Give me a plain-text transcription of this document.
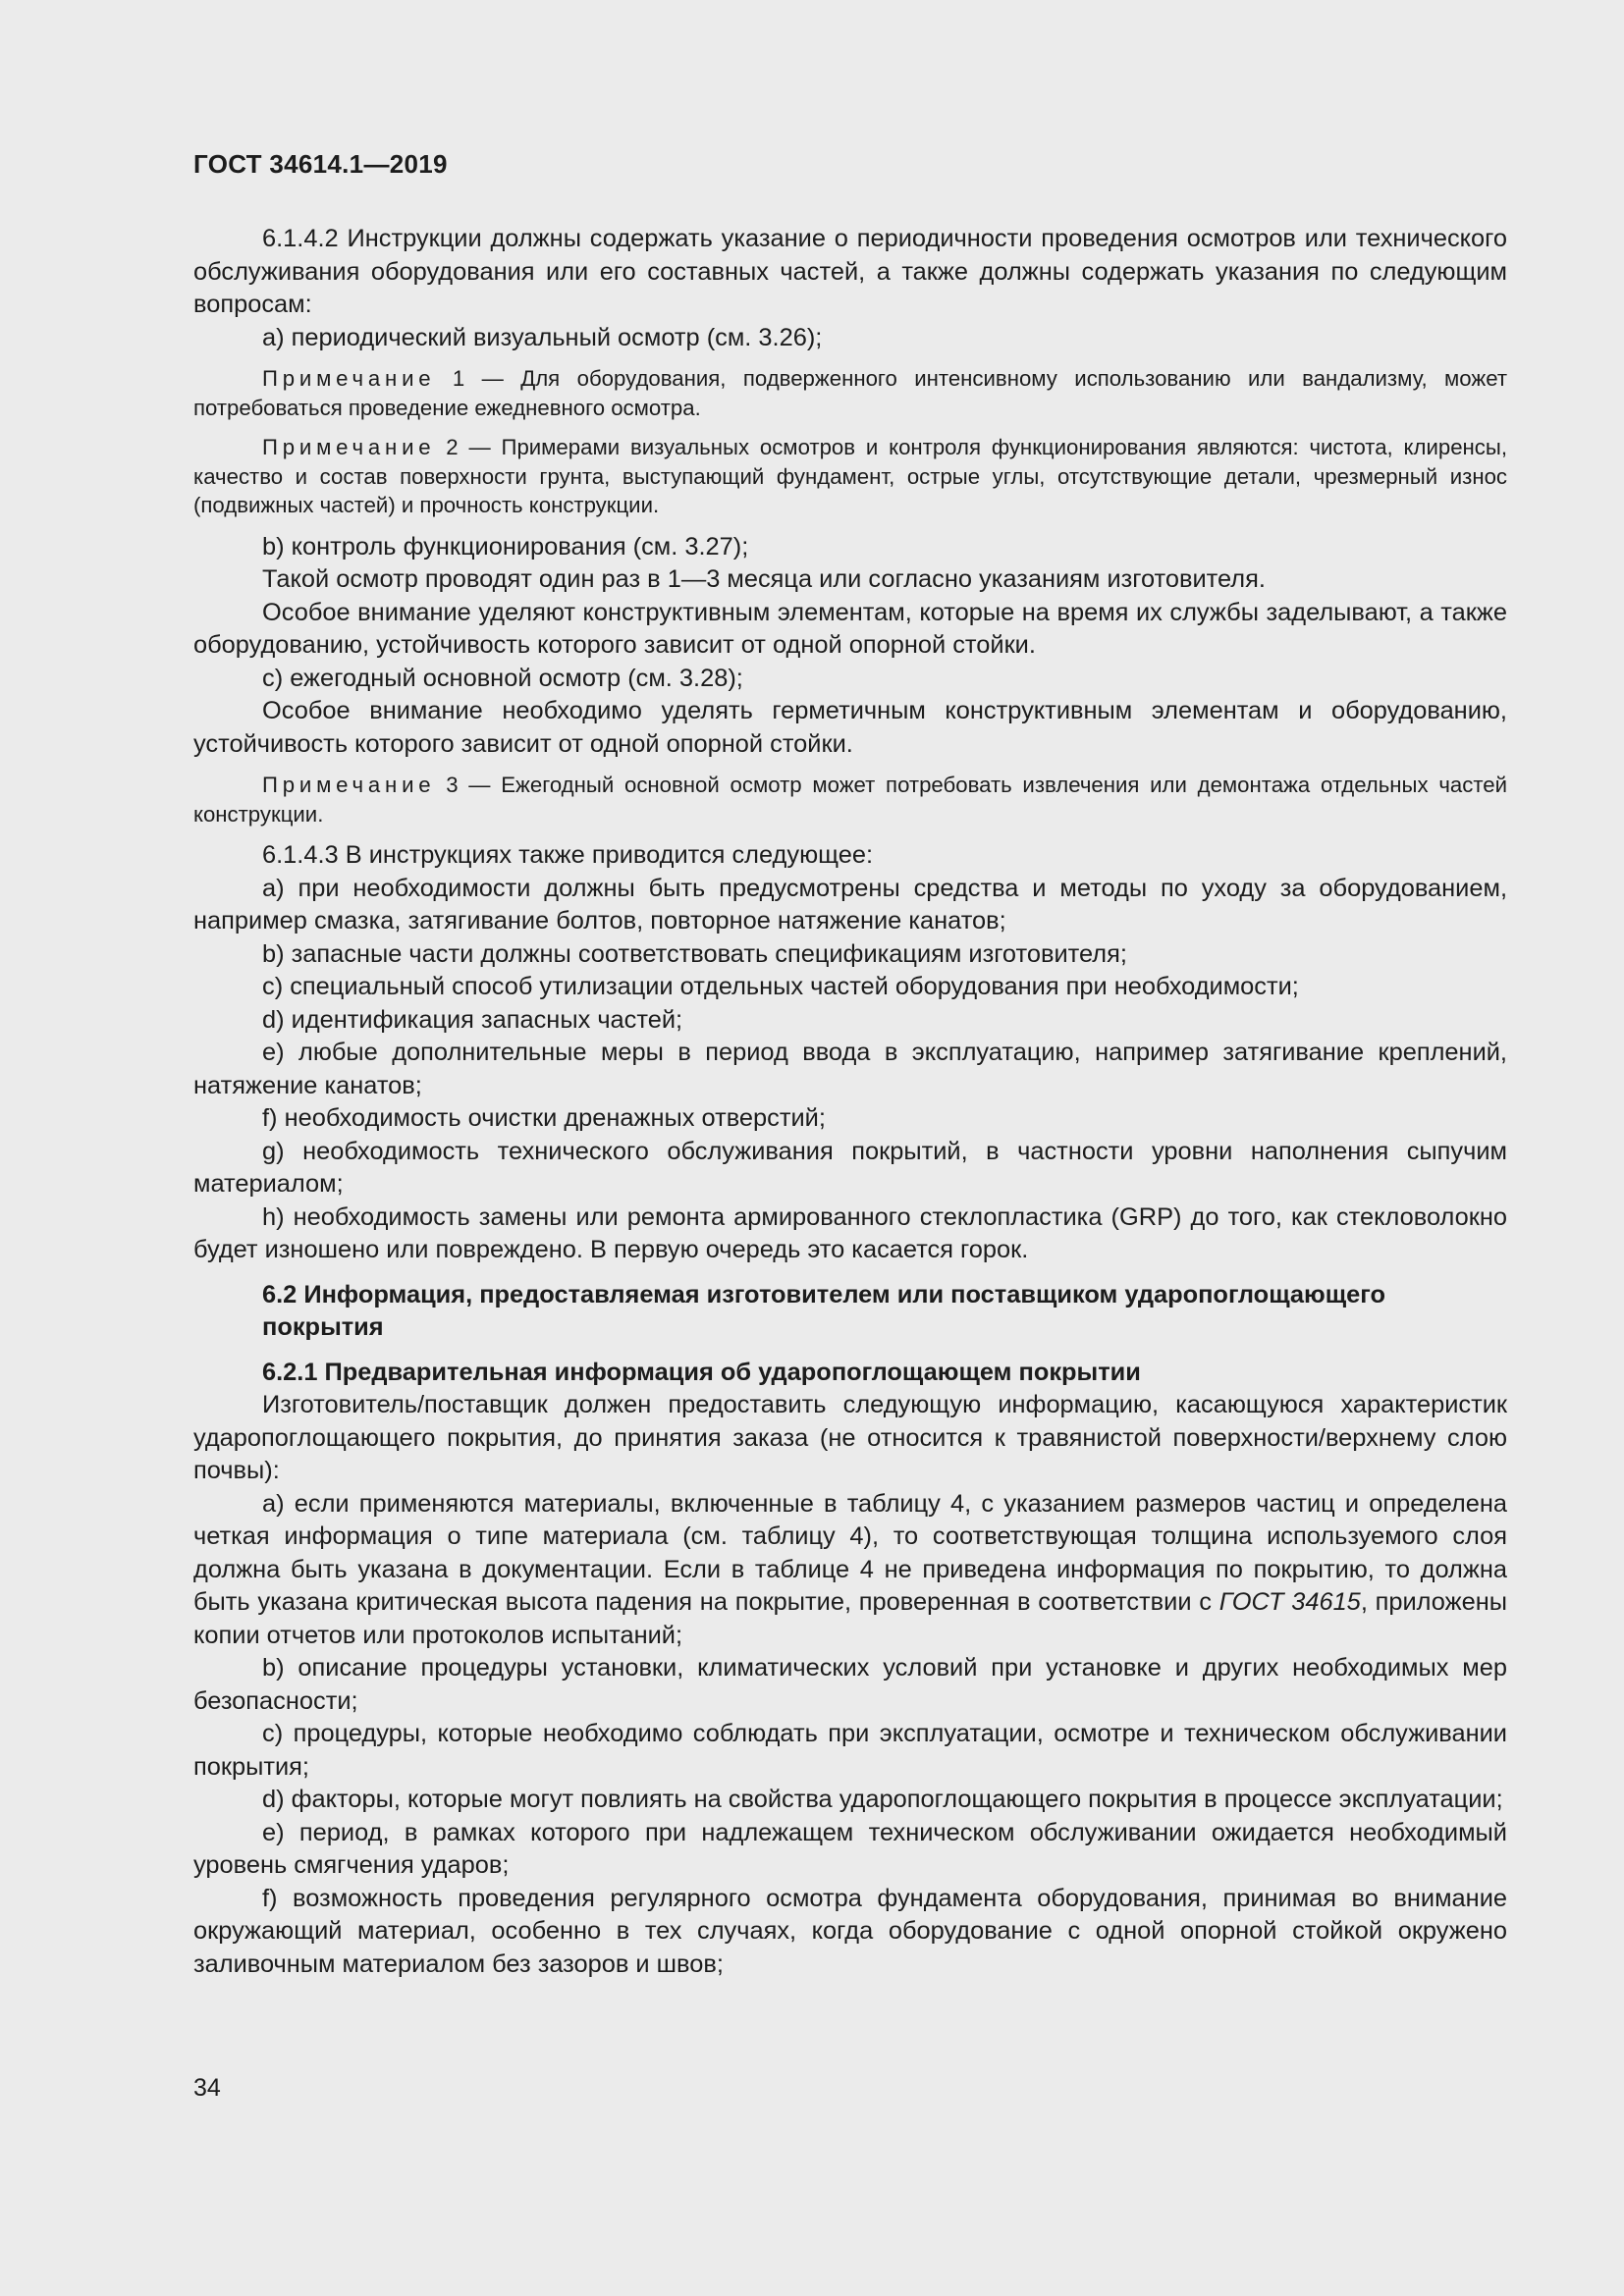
ГОСТ 34614.1—2019

6.1.4.2 Инструкции должны содержать указание о периодичности проведения осмотров или технического обслуживания оборудования или его составных частей, а также должны содержать указания по следующим вопросам:

a) периодический визуальный осмотр (см. 3.26);

Примечание 1 — Для оборудования, подверженного интенсивному использованию или вандализму, может потребоваться проведение ежедневного осмотра.

Примечание 2 — Примерами визуальных осмотров и контроля функционирования являются: чистота, клиренсы, качество и состав поверхности грунта, выступающий фундамент, острые углы, отсутствующие детали, чрезмерный износ (подвижных частей) и прочность конструкции.

b) контроль функционирования (см. 3.27);

Такой осмотр проводят один раз в 1—3 месяца или согласно указаниям изготовителя.

Особое внимание уделяют конструктивным элементам, которые на время их службы заделывают, а также оборудованию, устойчивость которого зависит от одной опорной стойки.

c) ежегодный основной осмотр (см. 3.28);

Особое внимание необходимо уделять герметичным конструктивным элементам и оборудованию, устойчивость которого зависит от одной опорной стойки.

Примечание 3 — Ежегодный основной осмотр может потребовать извлечения или демонтажа отдельных частей конструкции.

6.1.4.3 В инструкциях также приводится следующее:

a) при необходимости должны быть предусмотрены средства и методы по уходу за оборудованием, например смазка, затягивание болтов, повторное натяжение канатов;

b) запасные части должны соответствовать спецификациям изготовителя;

c) специальный способ утилизации отдельных частей оборудования при необходимости;

d) идентификация запасных частей;

e) любые дополнительные меры в период ввода в эксплуатацию, например затягивание креплений, натяжение канатов;

f) необходимость очистки дренажных отверстий;

g) необходимость технического обслуживания покрытий, в частности уровни наполнения сыпучим материалом;

h) необходимость замены или ремонта армированного стеклопластика (GRP) до того, как стекловолокно будет изношено или повреждено. В первую очередь это касается горок.

6.2 Информация, предоставляемая изготовителем или поставщиком ударопоглощающего покрытия

6.2.1 Предварительная информация об ударопоглощающем покрытии

Изготовитель/поставщик должен предоставить следующую информацию, касающуюся характеристик ударопоглощающего покрытия, до принятия заказа (не относится к травянистой поверхности/верхнему слою почвы):

a) если применяются материалы, включенные в таблицу 4, с указанием размеров частиц и определена четкая информация о типе материала (см. таблицу 4), то соответствующая толщина используемого слоя должна быть указана в документации. Если в таблице 4 не приведена информация по покрытию, то должна быть указана критическая высота падения на покрытие, проверенная в соответствии с ГОСТ 34615, приложены копии отчетов или протоколов испытаний;

b) описание процедуры установки, климатических условий при установке и других необходимых мер безопасности;

c) процедуры, которые необходимо соблюдать при эксплуатации, осмотре и техническом обслуживании покрытия;

d) факторы, которые могут повлиять на свойства ударопоглощающего покрытия в процессе эксплуатации;

e) период, в рамках которого при надлежащем техническом обслуживании ожидается необходимый уровень смягчения ударов;

f) возможность проведения регулярного осмотра фундамента оборудования, принимая во внимание окружающий материал, особенно в тех случаях, когда оборудование с одной опорной стойкой окружено заливочным материалом без зазоров и швов;

34
